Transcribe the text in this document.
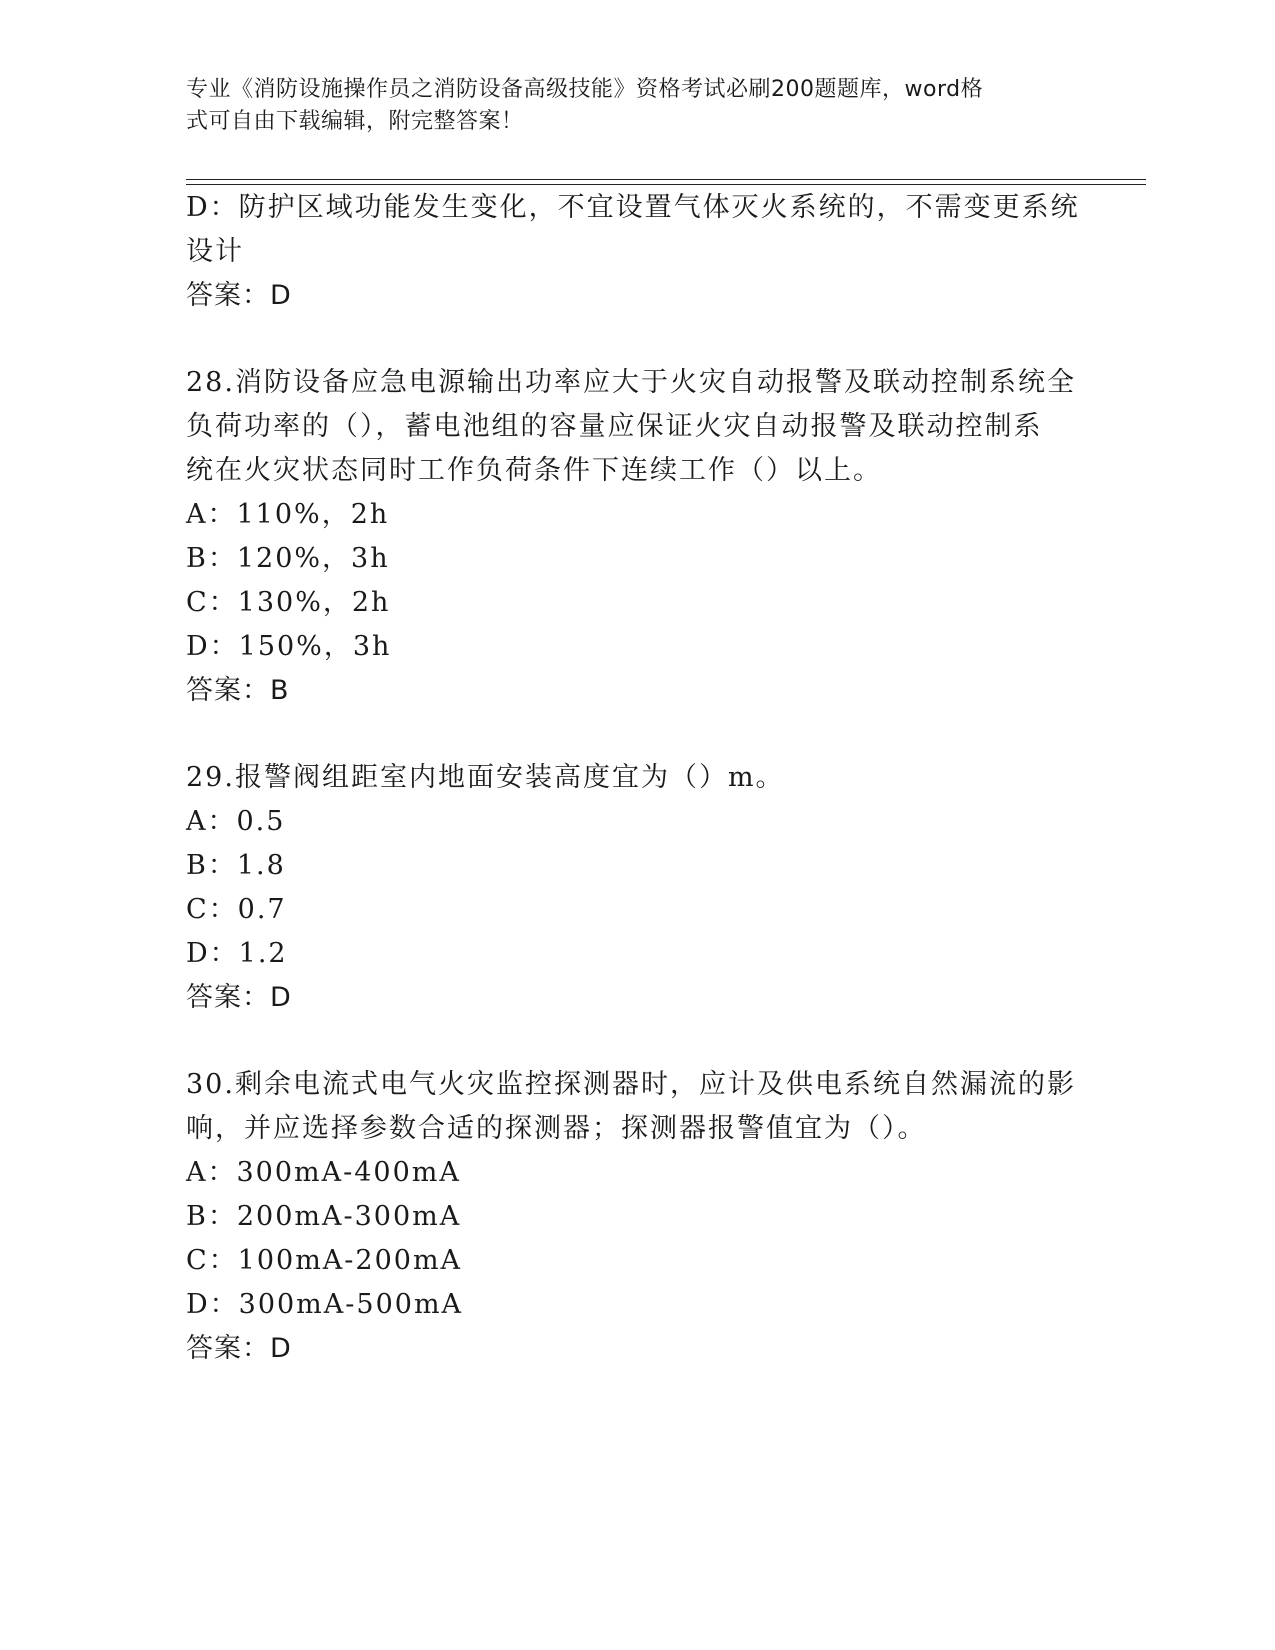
专业《消防设施操作员之消防设备高级技能》资格考试必刷200题题库，word格
式可自由下载编辑，附完整答案！
D：防护区域功能发生变化，不宜设置气体灭火系统的，不需变更系统
设计
答案：D
28.消防设备应急电源输出功率应大于火灾自动报警及联动控制系统全
负荷功率的（），蓄电池组的容量应保证火灾自动报警及联动控制系
统在火灾状态同时工作负荷条件下连续工作（）以上。
A：110%，2h
B：120%，3h
C：130%，2h
D：150%，3h
答案：B
29.报警阀组距室内地面安装高度宜为（）m。
A：0.5
B：1.8
C：0.7
D：1.2
答案：D
30.剩余电流式电气火灾监控探测器时，应计及供电系统自然漏流的影
响，并应选择参数合适的探测器；探测器报警值宜为（）。
A：300mA-400mA
B：200mA-300mA
C：100mA-200mA
D：300mA-500mA
答案：D
